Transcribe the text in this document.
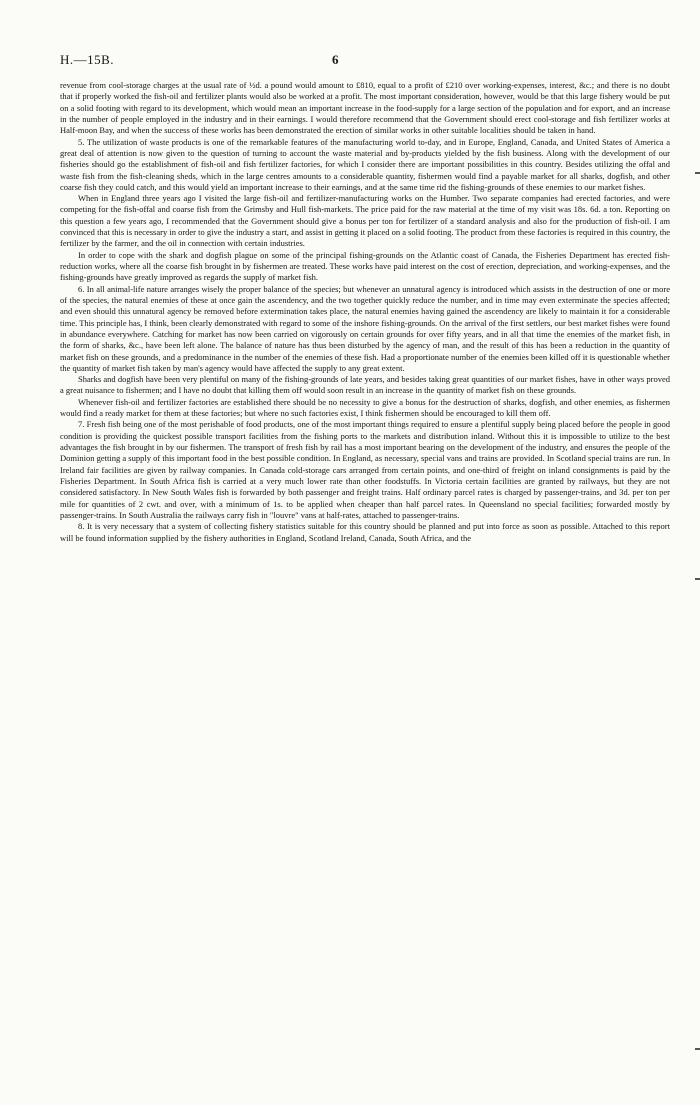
H.—15B.	6

revenue from cool-storage charges at the usual rate of ½d. a pound would amount to £810, equal to a profit of £210 over working-expenses, interest, &c.; and there is no doubt that if properly worked the fish-oil and fertilizer plants would also be worked at a profit. The most important consideration, however, would be that this large fishery would be put on a solid footing with regard to its development, which would mean an important increase in the food-supply for a large section of the population and for export, and an increase in the number of people employed in the industry and in their earnings. I would therefore recommend that the Government should erect cool-storage and fish fertilizer works at Half-moon Bay, and when the success of these works has been demonstrated the erection of similar works in other suitable localities should be taken in hand.

5. The utilization of waste products is one of the remarkable features of the manufacturing world to-day, and in Europe, England, Canada, and United States of America a great deal of attention is now given to the question of turning to account the waste material and by-products yielded by the fish business. Along with the development of our fisheries should go the establishment of fish-oil and fish fertilizer factories, for which I consider there are important possibilities in this country. Besides utilizing the offal and waste fish from the fish-cleaning sheds, which in the large centres amounts to a considerable quantity, fishermen would find a payable market for all sharks, dogfish, and other coarse fish they could catch, and this would yield an important increase to their earnings, and at the same time rid the fishing-grounds of these enemies to our market fishes.

When in England three years ago I visited the large fish-oil and fertilizer-manufacturing works on the Humber. Two separate companies had erected factories, and were competing for the fish-offal and coarse fish from the Grimsby and Hull fish-markets. The price paid for the raw material at the time of my visit was 18s. 6d. a ton. Reporting on this question a few years ago, I recommended that the Government should give a bonus per ton for fertilizer of a standard analysis and also for the production of fish-oil. I am convinced that this is necessary in order to give the industry a start, and assist in getting it placed on a solid footing. The product from these factories is required in this country, the fertilizer by the farmer, and the oil in connection with certain industries.

In order to cope with the shark and dogfish plague on some of the principal fishing-grounds on the Atlantic coast of Canada, the Fisheries Department has erected fish-reduction works, where all the coarse fish brought in by fishermen are treated. These works have paid interest on the cost of erection, depreciation, and working-expenses, and the fishing-grounds have greatly improved as regards the supply of market fish.

6. In all animal-life nature arranges wisely the proper balance of the species; but whenever an unnatural agency is introduced which assists in the destruction of one or more of the species, the natural enemies of these at once gain the ascendency, and the two together quickly reduce the number, and in time may even exterminate the species affected; and even should this unnatural agency be removed before extermination takes place, the natural enemies having gained the ascendency are likely to maintain it for a considerable time. This principle has, I think, been clearly demonstrated with regard to some of the inshore fishing-grounds. On the arrival of the first settlers, our best market fishes were found in abundance everywhere. Catching for market has now been carried on vigorously on certain grounds for over fifty years, and in all that time the enemies of the market fish, in the form of sharks, &c., have been left alone. The balance of nature has thus been disturbed by the agency of man, and the result of this has been a reduction in the quantity of market fish on these grounds, and a predominance in the number of the enemies of these fish. Had a proportionate number of the enemies been killed off it is questionable whether the quantity of market fish taken by man's agency would have affected the supply to any great extent.

Sharks and dogfish have been very plentiful on many of the fishing-grounds of late years, and besides taking great quantities of our market fishes, have in other ways proved a great nuisance to fishermen; and I have no doubt that killing them off would soon result in an increase in the quantity of market fish on these grounds.

Whenever fish-oil and fertilizer factories are established there should be no necessity to give a bonus for the destruction of sharks, dogfish, and other enemies, as fishermen would find a ready market for them at these factories; but where no such factories exist, I think fishermen should be encouraged to kill them off.

7. Fresh fish being one of the most perishable of food products, one of the most important things required to ensure a plentiful supply being placed before the people in good condition is providing the quickest possible transport facilities from the fishing ports to the markets and distribution inland. Without this it is impossible to utilize to the best advantages the fish brought in by our fishermen. The transport of fresh fish by rail has a most important bearing on the development of the industry, and ensures the people of the Dominion getting a supply of this important food in the best possible condition. In England, as necessary, special vans and trains are provided. In Scotland special trains are run. In Ireland fair facilities are given by railway companies. In Canada cold-storage cars arranged from certain points, and one-third of freight on inland consignments is paid by the Fisheries Department. In South Africa fish is carried at a very much lower rate than other foodstuffs. In Victoria certain facilities are granted by railways, but they are not considered satisfactory. In New South Wales fish is forwarded by both passenger and freight trains. Half ordinary parcel rates is charged by passenger-trains, and 3d. per ton per mile for quantities of 2 cwt. and over, with a minimum of 1s. to be applied when cheaper than half parcel rates. In Queensland no special facilities; forwarded mostly by passenger-trains. In South Australia the railways carry fish in "louvre" vans at half-rates, attached to passenger-trains.

8. It is very necessary that a system of collecting fishery statistics suitable for this country should be planned and put into force as soon as possible. Attached to this report will be found information supplied by the fishery authorities in England, Scotland Ireland, Canada, South Africa, and the
